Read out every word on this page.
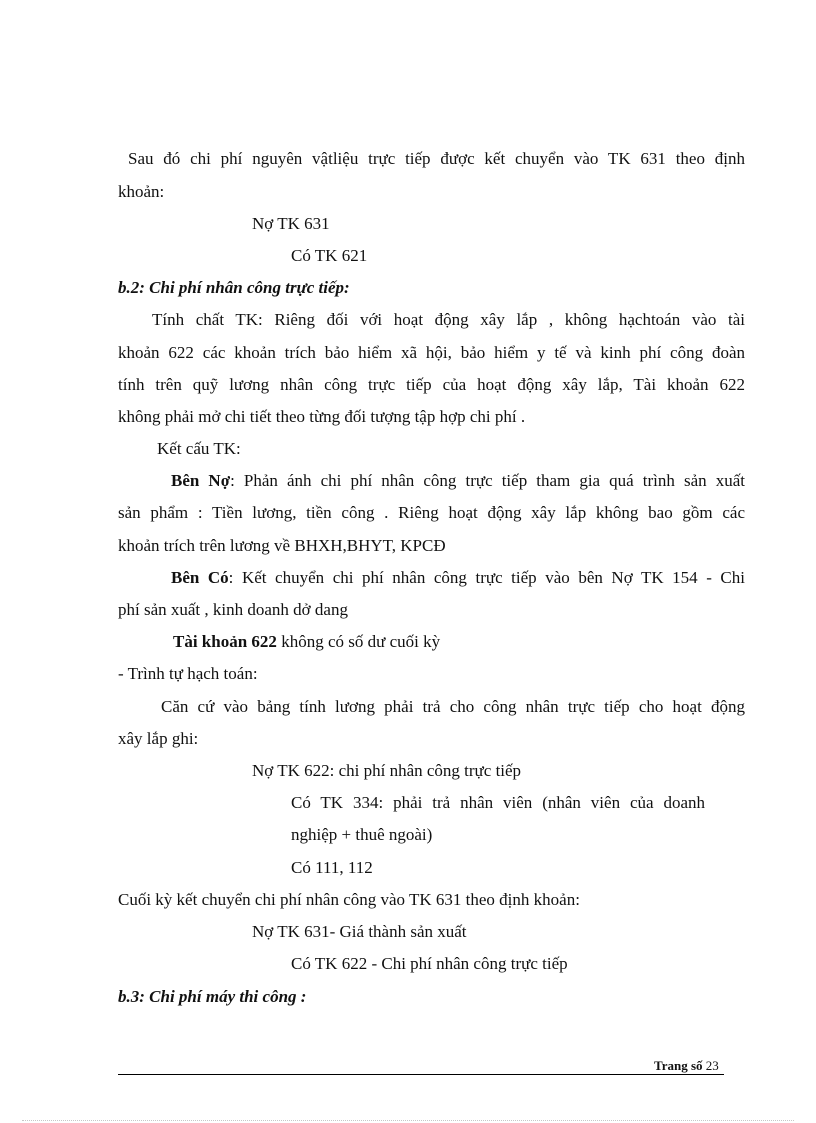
Sau đó chi phí nguyên vậtliệu trực tiếp được kết chuyển vào TK 631 theo định
khoản:
Nợ TK 631
Có TK 621
b.2: Chi phí nhân công trực tiếp:
Tính chất TK: Riêng đối với hoạt động xây lắp , không hạchtoán vào tài
khoản 622 các khoản trích bảo hiểm xã hội, bảo hiểm y tế và kinh phí công đoàn
tính trên quỹ lương nhân công trực tiếp của hoạt động xây lắp, Tài khoản 622
không phải mở chi tiết theo từng đối tượng tập hợp chi phí .
Kết cấu TK:
Bên Nợ: Phản ánh chi phí nhân công trực tiếp tham gia quá trình sản xuất
sản phẩm : Tiền lương, tiền công . Riêng hoạt động xây lắp không bao gồm các
khoản trích trên lương về BHXH,BHYT, KPCĐ
Bên Có: Kết chuyển chi phí nhân công trực tiếp vào bên Nợ TK 154 - Chi
phí sản xuất , kinh doanh dở dang
Tài khoản 622 không có số dư cuối kỳ
- Trình tự hạch toán:
Căn cứ vào bảng tính lương phải trả cho công nhân trực tiếp cho hoạt động
xây lắp ghi:
Nợ TK 622: chi phí nhân công trực tiếp
Có TK 334: phải trả nhân viên (nhân viên của doanh
nghiệp + thuê ngoài)
Có 111, 112
Cuối kỳ kết chuyển chi phí nhân công vào TK 631 theo định khoản:
Nợ TK 631- Giá thành sản xuất
Có TK 622 - Chi phí nhân công trực tiếp
b.3: Chi phí máy thi công :
Trang số 23
